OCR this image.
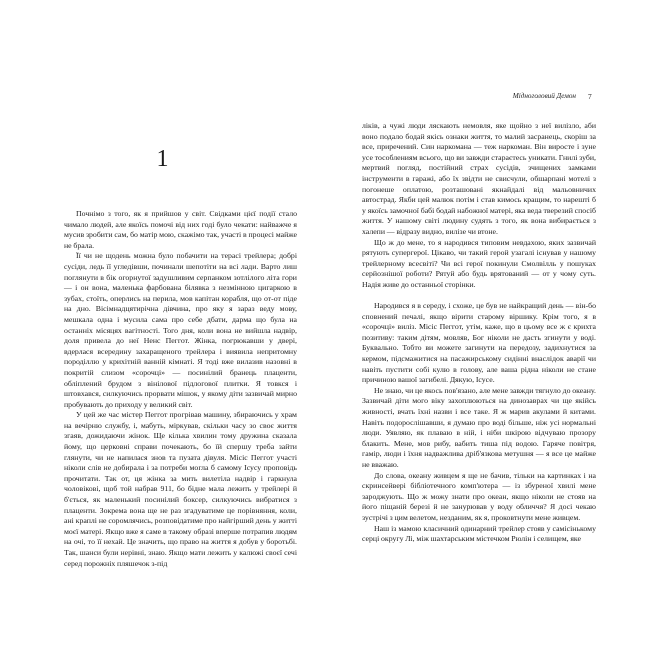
1

Почнімо з того, як я прийшов у світ. Свідками цієї події стало чимало людей, але якоїсь помочі від них годі було чекати: найважче я мусив зробити сам, бо матір мою, скажімо так, участі в процесі майже не брала.

Її чи не щодень можна було побачити на терасі трейлера; добрі сусіди, ледь її угледівши, починали шепотіти на всі лади. Варто лиш поглянути в бік огорнутої задушливим серпанком зотлілого літа гори — і он вона, маленька фарбована білявка з незмінною цигаркою в зубах, стоїть, оперлись на перила, мов капітан корабля, що от-от піде на дно. Вісімнадцятирічна дівчина, про яку я зараз веду мову, мешкала одна і мусила сама про себе дбати, дарма що була на останніх місяцях вагітності. Того дня, коли вона не вийшла надвір, доля привела до неї Ненс Пеггот. Жінка, погрюкавши у двері, вдерлася всередину захаращеного трейлера і виявила непритомну породіллю у крихітній ванній кімнаті. Я тоді вже вилазив назовні в покритій слизом «сорочці» — посинілий бранець плаценти, обліплений брудом з вінілової підлогової плитки. Я товкся і штовхався, силкуючись прорвати мішок, у якому діти зазвичай мирно пробувають до приходу у великий світ.

У цей же час містер Пеггот прогрівав машину, збираючись у храм на вечірню службу, і, мабуть, міркував, скільки часу зо своє життя згаяв, дожидаючи жінок. Ще кілька хвилин тому дружина сказала йому, що церковні справи почекають, бо їй спершу треба зайти глянути, чи не напилася знов та пузата дівуля. Місіс Пеггот участі ніколи слів не добирала і за потреби могла б самому Ісусу проповідь прочитати. Так от, ця жінка за мить вилетіла надвір і гаркнула чоловікові, щоб той набрав 911, бо бідне мала лежить у трейлері й б'ється, як маленький посинілий боксер, силкуючись вибратися з плаценти. Зокрема вона ще не раз згадуватиме це порівняння, коли, ані краплі не соромлячись, розповідатиме про найгірший день у житті моєї матері. Якщо вже я саме в такому образі вперше потрапив людям на очі, то її нехай. Це значить, що право на життя я добув у боротьбі. Так, шанси були нерівні, знаю. Якщо мати лежить у калюжі своєї сечі серед порожніх пляшечок з-під

Мідноголовий Демон 7

ліків, а чужі люди ляскають немовля, яке щойно з неї вилізло, аби воно подало бодай якісь ознаки життя, то малий засранець, скоріш за все, приречений. Син наркомана — теж наркоман. Він виросте і зуне усе тособлениям всього, що ви завжди стараєтесь уникати. Гнилі зуби, мертвий погляд, постійний страх сусідів, зчищених замками інструменти в гаражі, або їх звідти не свисчули, обшарпані мотелі з погонеше оплатою, розташовані якнайдалі від мальовничих автострад. Якби цей малюк потім і став кимось кращим, то нарешті б у якоїсь замочної бабі бодай набожної матері, яка веда тверезий спосіб життя. У нашому світі людину судять з того, як вона вибирається з халепи — відразу видно, вилізе чи втоне.

Що ж до мене, то я народився типовим невдахою, яких зазвичай рятують супергерої. Цікаво, чи такий герой узагалі існував у нашому трейлерному всесвіті? Чи всі герої покинули Смолвілль у пошуках серйознішої роботи? Рятуй або будь врятований — от у чому суть. Надія живе до останньої сторінки.

Народився я в середу, і схоже, це був не найкращий день — він-бо сповнений печалі, якщо вірити старому віршику. Крім того, я в «сорочці» виліз. Місіс Пеггот, утім, каже, що в цьому все ж є крихта позитиву: таким дітям, мовляв, Бог ніколи не дасть згинути у воді. Буквально. Тобто ви можете загинути на передозу, задихнутися за кермом, підсмажитися на пасажирському сидінні внаслідок аварії чи навіть пустити собі кулю в голову, але ваша рідна ніколи не стане причиною вашої загибелі. Дякую, Ісусе.

Не знаю, чи це якось пов'язано, але мене завжди тягнуло до океану. Зазвичай діти мого віку захоплюються на динозаврах чи ще якійсь живності, вчать їхні назви і все таке. Я ж марив акулами й китами. Навіть подорослішавши, я думаю про воді більше, ніж усі нормальні люди. Уявляю, як плаваю в ній, і ніби шкірою відчуваю прозору блакить. Мене, мов рибу, вабить тиша під водою. Гаряче повітря, гамір, люди і їхня надважлива дріб'язкова метушня — я все це майже не вважаю.

До слова, океану живцем я ще не бачив, тільки на картинках і на скринсейвері бібліотечного комп'ютера — із збуреної хвилі мене зароджують. Що ж можу знати про океан, якщо ніколи не стояв на його піщаній березі й не занурював у воду обличчя? Я досі чекаю зустрічі з цим велетом, незданим, як я, проковтнути мене живцем.

Наш із мамою класичний одинарний трейлер стояв у самісінькому серці округу Лі, між шахтарським містечком Рюлін і селищем, яке
